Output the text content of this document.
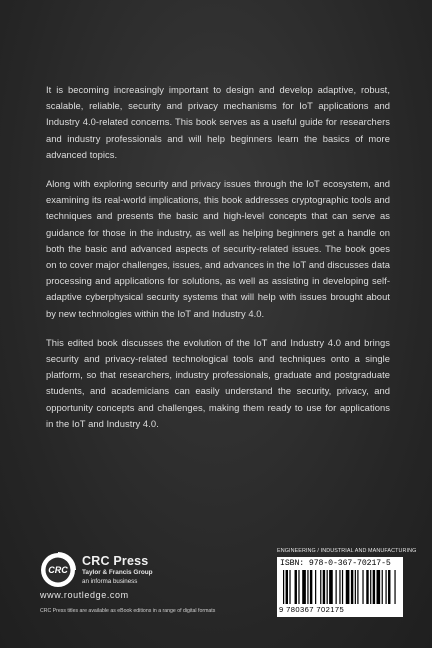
It is becoming increasingly important to design and develop adaptive, robust, scalable, reliable, security and privacy mechanisms for IoT applications and Industry 4.0-related concerns. This book serves as a useful guide for researchers and industry professionals and will help beginners learn the basics of more advanced topics.

Along with exploring security and privacy issues through the IoT ecosystem, and examining its real-world implications, this book addresses cryptographic tools and techniques and presents the basic and high-level concepts that can serve as guidance for those in the industry, as well as helping beginners get a handle on both the basic and advanced aspects of security-related issues. The book goes on to cover major challenges, issues, and advances in the IoT and discusses data processing and applications for solutions, as well as assisting in developing self-adaptive cyberphysical security systems that will help with issues brought about by new technologies within the IoT and Industry 4.0.

This edited book discusses the evolution of the IoT and Industry 4.0 and brings security and privacy-related technological tools and techniques onto a single platform, so that researchers, industry professionals, graduate and postgraduate students, and academicians can easily understand the security, privacy, and opportunity concepts and challenges, making them ready to use for applications in the IoT and Industry 4.0.

CRC
CRC Press
Taylor & Francis Group
an informa business
www.routledge.com
CRC Press titles are available as eBook editions in a range of digital formats
ENGINEERING / INDUSTRIAL AND MANUFACTURING
ISBN: 978-0-367-70217-5
9 780367 702175
